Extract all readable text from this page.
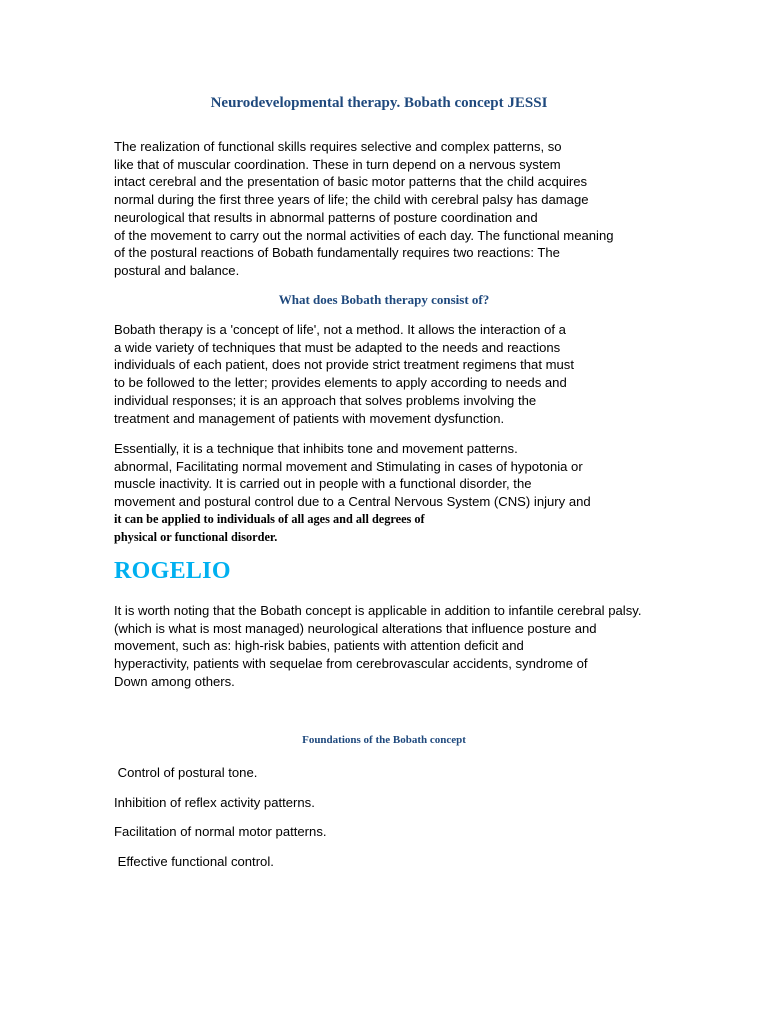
Neurodevelopmental therapy. Bobath concept JESSI
The realization of functional skills requires selective and complex patterns, so
like that of muscular coordination. These in turn depend on a nervous system
intact cerebral and the presentation of basic motor patterns that the child acquires
normal during the first three years of life; the child with cerebral palsy has damage
neurological that results in abnormal patterns of posture coordination and
of the movement to carry out the normal activities of each day. The functional meaning
of the postural reactions of Bobath fundamentally requires two reactions: The
postural and balance.
What does Bobath therapy consist of?
Bobath therapy is a 'concept of life', not a method. It allows the interaction of a
a wide variety of techniques that must be adapted to the needs and reactions
individuals of each patient, does not provide strict treatment regimens that must
to be followed to the letter; provides elements to apply according to needs and
individual responses; it is an approach that solves problems involving the
treatment and management of patients with movement dysfunction.
Essentially, it is a technique that inhibits tone and movement patterns.
abnormal, Facilitating normal movement and Stimulating in cases of hypotonia or
muscle inactivity. It is carried out in people with a functional disorder, the
movement and postural control due to a Central Nervous System (CNS) injury and
it can be applied to individuals of all ages and all degrees of
physical or functional disorder.
ROGELIO
It is worth noting that the Bobath concept is applicable in addition to infantile cerebral palsy.
(which is what is most managed) neurological alterations that influence posture and
movement, such as: high-risk babies, patients with attention deficit and
hyperactivity, patients with sequelae from cerebrovascular accidents, syndrome of
Down among others.
Foundations of the Bobath concept
Control of postural tone.
Inhibition of reflex activity patterns.
Facilitation of normal motor patterns.
Effective functional control.
